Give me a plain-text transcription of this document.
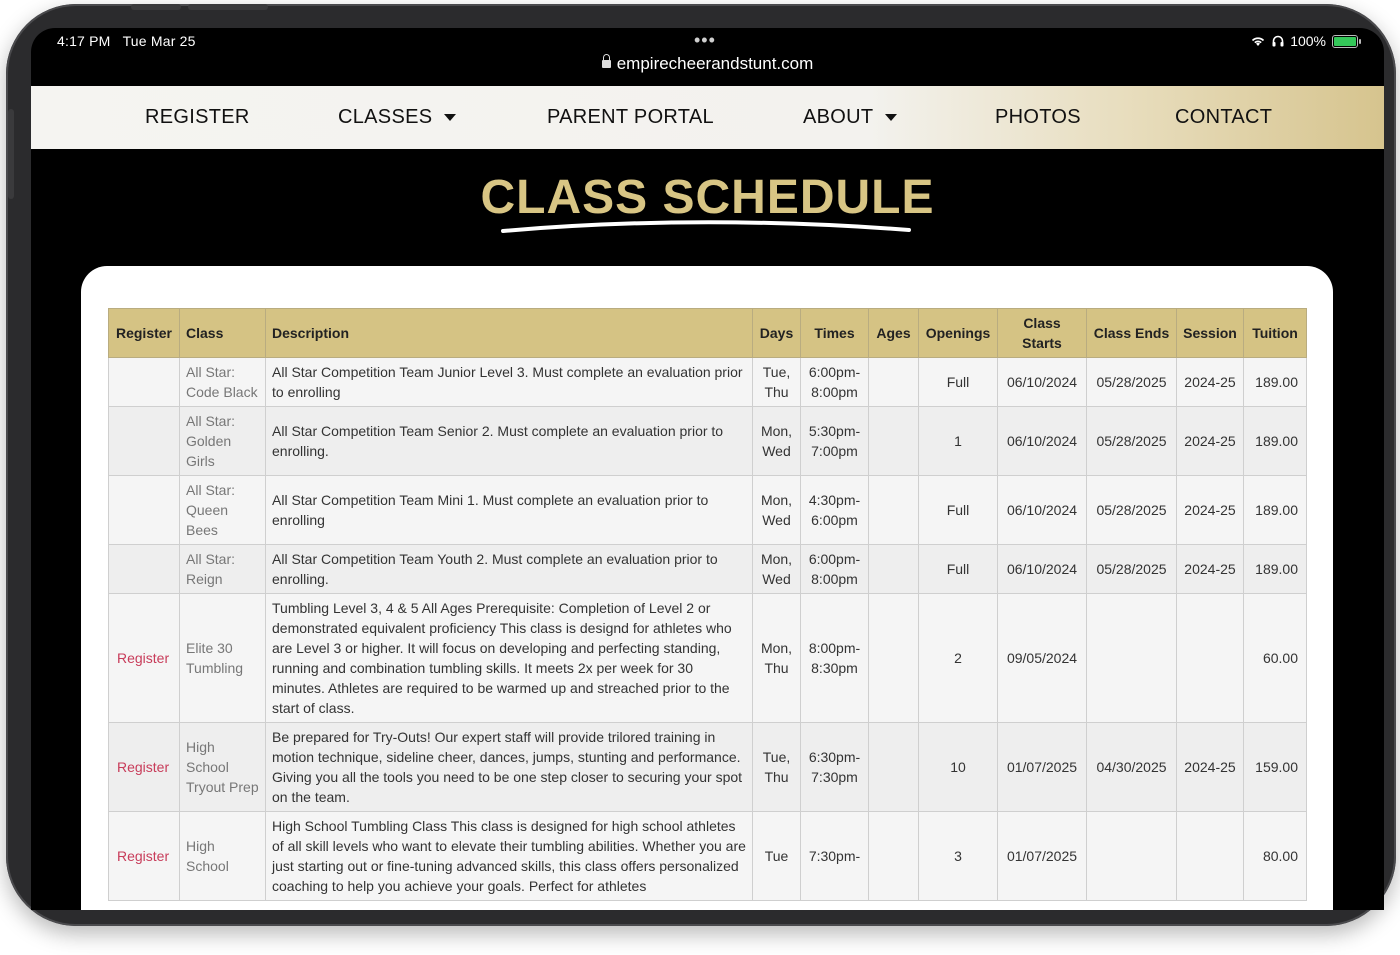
4:17 PM Tue Mar 25	•••
empirecheerandstunt.com
100%
REGISTER	CLASSES	PARENT PORTAL	ABOUT	PHOTOS	CONTACT
CLASS SCHEDULE
Register	Class	Description	Days	Times	Ages	Openings	Class Starts	Class Ends	Session	Tuition
	All Star: Code Black	All Star Competition Team Junior Level 3. Must complete an evaluation prior to enrolling	Tue, Thu	6:00pm-8:00pm		Full	06/10/2024	05/28/2025	2024-25	189.00
	All Star: Golden Girls	All Star Competition Team Senior 2. Must complete an evaluation prior to enrolling.	Mon, Wed	5:30pm-7:00pm		1	06/10/2024	05/28/2025	2024-25	189.00
	All Star: Queen Bees	All Star Competition Team Mini 1. Must complete an evaluation prior to enrolling	Mon, Wed	4:30pm-6:00pm		Full	06/10/2024	05/28/2025	2024-25	189.00
	All Star: Reign	All Star Competition Team Youth 2. Must complete an evaluation prior to enrolling.	Mon, Wed	6:00pm-8:00pm		Full	06/10/2024	05/28/2025	2024-25	189.00
Register	Elite 30 Tumbling	Tumbling Level 3, 4 & 5 All Ages Prerequisite: Completion of Level 2 or demonstrated equivalent proficiency This class is designd for athletes who are Level 3 or higher. It will focus on developing and perfecting standing, running and combination tumbling skills. It meets 2x per week for 30 minutes. Athletes are required to be warmed up and streached prior to the start of class.	Mon, Thu	8:00pm-8:30pm		2	09/05/2024			60.00
Register	High School Tryout Prep	Be prepared for Try-Outs! Our expert staff will provide trilored training in motion technique, sideline cheer, dances, jumps, stunting and performance. Giving you all the tools you need to be one step closer to securing your spot on the team.	Tue, Thu	6:30pm-7:30pm		10	01/07/2025	04/30/2025	2024-25	159.00
Register	High School	High School Tumbling Class This class is designed for high school athletes of all skill levels who want to elevate their tumbling abilities. Whether you are just starting out or fine-tuning advanced skills, this class offers personalized coaching to help you achieve your goals. Perfect for athletes	Tue	7:30pm-		3	01/07/2025			80.00
